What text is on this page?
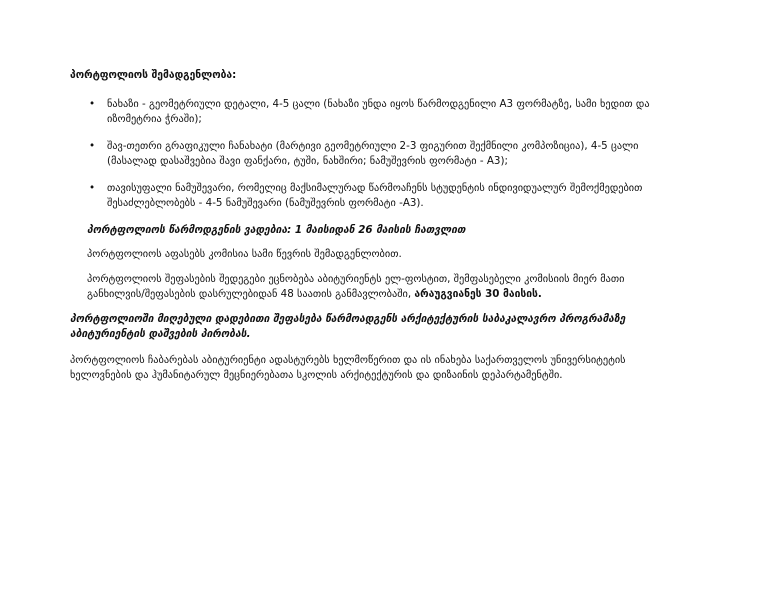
პორტფოლიოს შემადგენლობა:

• ნახაზი - გეომეტრიული დეტალი, 4-5 ცალი (ნახაზი უნდა იყოს წარმოდგენილი A3 ფორმატზე, სამი ხედით და იზომეტრია ჭრაში);
• შავ-თეთრი გრაფიკული ჩანახატი (მარტივი გეომეტრიული 2-3 ფიგურით შექმნილი კომპოზიცია), 4-5 ცალი (მასალად დასაშვებია შავი ფანქარი, ტუში, ნახშირი; ნამუშევრის ფორმატი - A3);
• თავისუფალი ნამუშევარი, რომელიც მაქსიმალურად წარმოაჩენს სტუდენტის ინდივიდუალურ შემოქმედებით შესაძლებლობებს - 4-5 ნამუშევარი (ნამუშევრის ფორმატი -A3).

პორტფოლიოს წარმოდგენის ვადებია: 1 მაისიდან 26 მაისის ჩათვლით

პორტფოლიოს აფასებს კომისია სამი წევრის შემადგენლობით.

პორტფოლიოს შეფასების შედეგები ეცნობება აბიტურიენტს ელ-ფოსტით, შემფასებელი კომისიის მიერ მათი განხილვის/შეფასების დასრულებიდან 48 საათის განმავლობაში, არაუგვიანეს 30 მაისის.

პორტფოლიოში მიღებული დადებითი შეფასება წარმოადგენს არქიტექტურის საბაკალავრო პროგრამაზე აბიტურიენტის დაშვების პირობას.

პორტფოლიოს ჩაბარებას აბიტურიენტი ადასტურებს ხელმოწერით და ის ინახება საქართველოს უნივერსიტეტის ხელოვნების და ჰუმანიტარულ მეცნიერებათა სკოლის არქიტექტურის და დიზაინის დეპარტამენტში.
